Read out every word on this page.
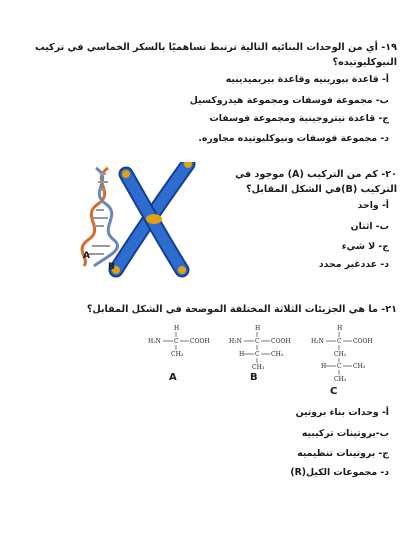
١٩- أي من الوحدات البنائيه التالية ترتبط تساهميًا بالسكر الخماسي في تركيب النيوكليوتيده؟
أ- قاعدة بيورينيه وقاعدة بيريميدينيه
ب- مجموعة فوسفات ومجموعة هيدروكسيل
ج- قاعدة نيتروجينية ومجموعة فوسفات
د- مجموعة فوسفات ونيوكليوتيده مجاوره.
A
B
٢٠- كم من التركيب (A) موجود في التركيب (B)في الشكل المقابل؟
أ- واحد
ب- اثنان
ج- لا شيء
د- عددغير محدد
٢١- ما هي الجزيئات الثلاثة المختلفة الموضحة في الشكل المقابل؟
H
H₂N C COOH
CH₃
A
H
H₂N C COOH
H C CH₃
CH₃
B
H
H₂N C COOH
CH₂
H C CH₃
CH₃
C
أ- وحدات بناء بروتين
ب-بروتينات تركيبيه
ج- بروتينات تنظيميه
د- مجموعات الكيل(R)
